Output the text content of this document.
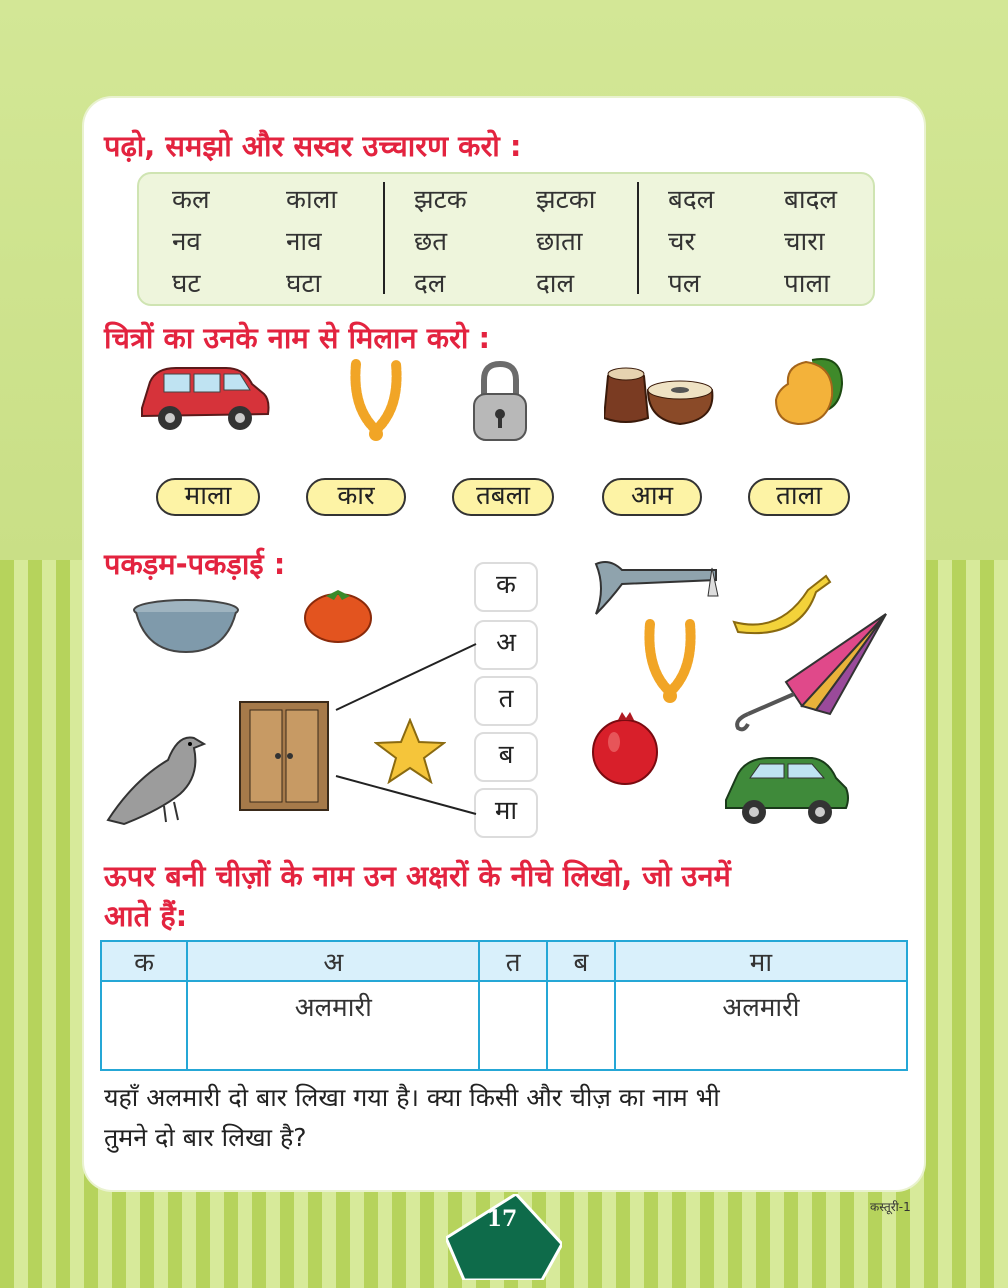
पढ़ो, समझो और सस्वर उच्चारण करो :
कल	काला	झटक	झटका	बदल	बादल
नव	नाव	छत	छाता	चर	चारा
घट	घटा	दल	दाल	पल	पाला
चित्रों का उनके नाम से मिलान करो :
माला	कार	तबला	आम	ताला
पकड़म-पकड़ाई :
क
अ
त
ब
मा
ऊपर बनी चीज़ों के नाम उन अक्षरों के नीचे लिखो, जो उनमें
आते हैं:
क	अ	त	ब	मा
	अलमारी			अलमारी
यहाँ अलमारी दो बार लिखा गया है। क्या किसी और चीज़ का नाम भी
तुमने दो बार लिखा है?
17	कस्तूरी-1
